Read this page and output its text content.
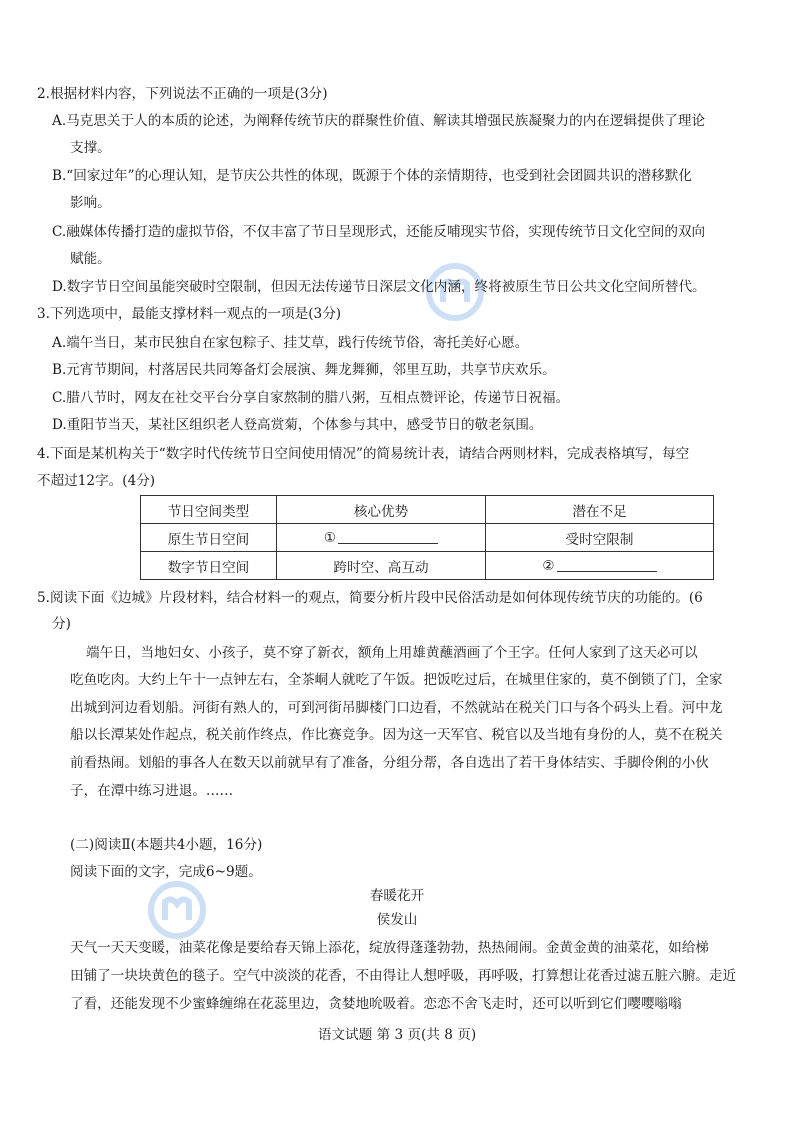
2.根据材料内容，下列说法不正确的一项是(3分)
A.马克思关于人的本质的论述，为阐释传统节庆的群聚性价值、解读其增强民族凝聚力的内在逻辑提供了理论
支撑。
B.“回家过年”的心理认知，是节庆公共性的体现，既源于个体的亲情期待，也受到社会团圆共识的潜移默化
影响。
C.融媒体传播打造的虚拟节俗，不仅丰富了节日呈现形式，还能反哺现实节俗，实现传统节日文化空间的双向
赋能。
D.数字节日空间虽能突破时空限制，但因无法传递节日深层文化内涵，终将被原生节日公共文化空间所替代。
3.下列选项中，最能支撑材料一观点的一项是(3分)
A.端午当日，某市民独自在家包粽子、挂艾草，践行传统节俗，寄托美好心愿。
B.元宵节期间，村落居民共同筹备灯会展演、舞龙舞狮，邻里互助，共享节庆欢乐。
C.腊八节时，网友在社交平台分享自家熬制的腊八粥，互相点赞评论，传递节日祝福。
D.重阳节当天，某社区组织老人登高赏菊，个体参与其中，感受节日的敬老氛围。
4.下面是某机构关于“数字时代传统节日空间使用情况”的简易统计表，请结合两则材料，完成表格填写，每空
不超过12字。(4分)
节日空间类型	核心优势	潜在不足
原生节日空间	①	受时空限制
数字节日空间	跨时空、高互动	②
5.阅读下面《边城》片段材料，结合材料一的观点，简要分析片段中民俗活动是如何体现传统节庆的功能的。(6
分)
端午日，当地妇女、小孩子，莫不穿了新衣，额角上用雄黄蘸酒画了个王字。任何人家到了这天必可以
吃鱼吃肉。大约上午十一点钟左右，全茶峒人就吃了午饭。把饭吃过后，在城里住家的，莫不倒锁了门，全家
出城到河边看划船。河街有熟人的，可到河街吊脚楼门口边看，不然就站在税关门口与各个码头上看。河中龙
船以长潭某处作起点，税关前作终点，作比赛竞争。因为这一天军官、税官以及当地有身份的人，莫不在税关
前看热闹。划船的事各人在数天以前就早有了准备，分组分帮，各自选出了若干身体结实、手脚伶俐的小伙
子，在潭中练习进退。……
(二)阅读Ⅱ(本题共4小题，16分)
阅读下面的文字，完成6~9题。
春暖花开
侯发山
天气一天天变暖，油菜花像是要给春天锦上添花，绽放得蓬蓬勃勃，热热闹闹。金黄金黄的油菜花，如给梯
田铺了一块块黄色的毯子。空气中淡淡的花香，不由得让人想呼吸，再呼吸，打算想让花香过滤五脏六腑。走近
了看，还能发现不少蜜蜂缠绵在花蕊里边，贪婪地吮吸着。恋恋不舍飞走时，还可以听到它们嘤嘤嗡嗡
语文试题 第 3 页(共 8 页)
